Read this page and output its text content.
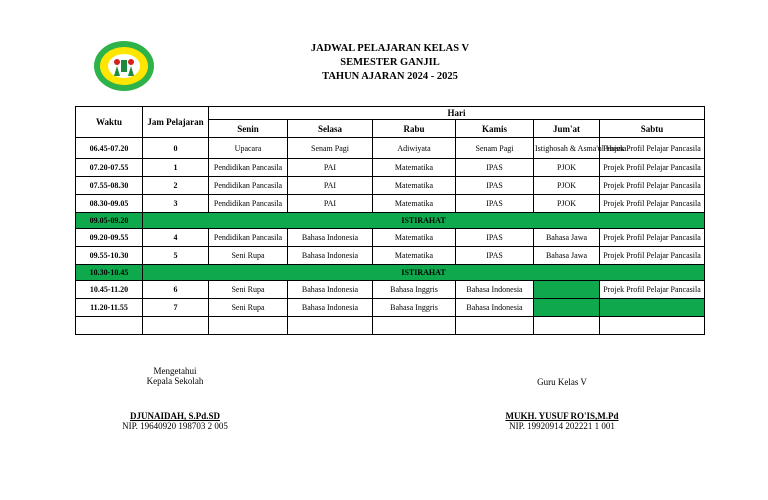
JADWAL PELAJARAN KELAS V
SEMESTER GANJIL
TAHUN AJARAN 2024 - 2025
Waktu	Jam Pelajaran	Hari					
		Senin	Selasa	Rabu	Kamis	Jum'at	Sabtu
06.45-07.20	0	Upacara	Senam Pagi	Adiwiyata	Senam Pagi	Istighosah & Asma'ul Husna	Projek Profil Pelajar Pancasila
07.20-07.55	1	Pendidikan Pancasila	PAI	Matematika	IPAS	PJOK	Projek Profil Pelajar Pancasila
07.55-08.30	2	Pendidikan Pancasila	PAI	Matematika	IPAS	PJOK	Projek Profil Pelajar Pancasila
08.30-09.05	3	Pendidikan Pancasila	PAI	Matematika	IPAS	PJOK	Projek Profil Pelajar Pancasila
09.05-09.20	ISTIRAHAT						
09.20-09.55	4	Pendidikan Pancasila	Bahasa Indonesia	Matematika	IPAS	Bahasa Jawa	Projek Profil Pelajar Pancasila
09.55-10.30	5	Seni Rupa	Bahasa Indonesia	Matematika	IPAS	Bahasa Jawa	Projek Profil Pelajar Pancasila
10.30-10.45	ISTIRAHAT						
10.45-11.20	6	Seni Rupa	Bahasa Indonesia	Bahasa Inggris	Bahasa Indonesia		Projek Profil Pelajar Pancasila
11.20-11.55	7	Seni Rupa	Bahasa Indonesia	Bahasa Inggris	Bahasa Indonesia		

Mengetahui
Kepala Sekolah
DJUNAIDAH, S.Pd.SD
NIP. 19640920 198703 2 005
Guru Kelas V
MUKH. YUSUF RO'IS,M.Pd
NIP. 19920914 202221 1 001
